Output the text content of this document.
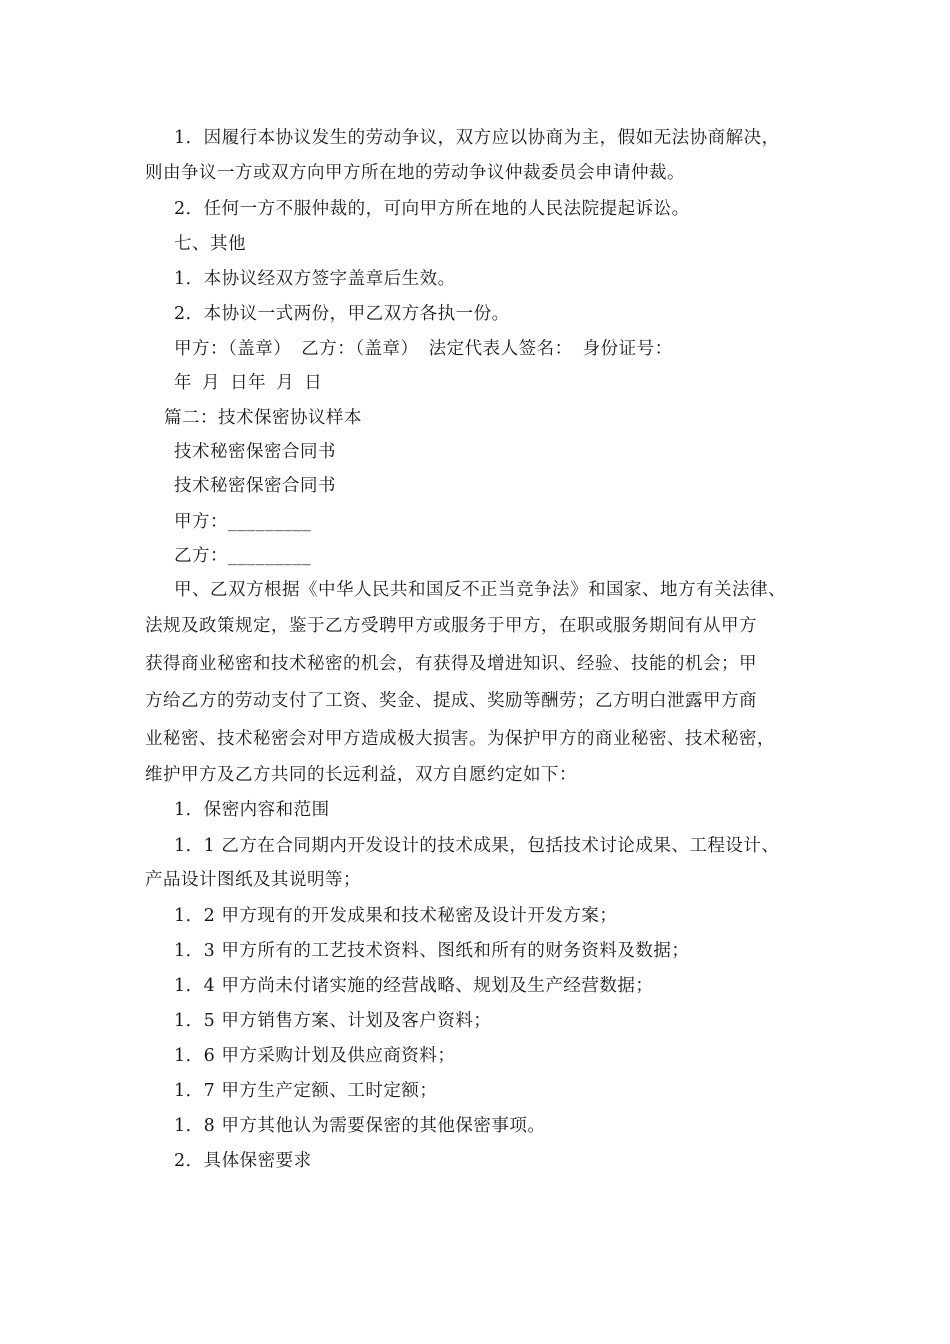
1．因履行本协议发生的劳动争议，双方应以协商为主，假如无法协商解决，
则由争议一方或双方向甲方所在地的劳动争议仲裁委员会申请仲裁。
2．任何一方不服仲裁的，可向甲方所在地的人民法院提起诉讼。
七、其他
1．本协议经双方签字盖章后生效。
2．本协议一式两份，甲乙双方各执一份。
甲方：（盖章） 乙方：（盖章） 法定代表人签名： 身份证号：
年 月 日年 月 日
篇二：技术保密协议样本
技术秘密保密合同书
技术秘密保密合同书
甲方：_________
乙方：_________
甲、乙双方根据《中华人民共和国反不正当竞争法》和国家、地方有关法律、
法规及政策规定，鉴于乙方受聘甲方或服务于甲方，在职或服务期间有从甲方
获得商业秘密和技术秘密的机会，有获得及增进知识、经验、技能的机会；甲
方给乙方的劳动支付了工资、奖金、提成、奖励等酬劳；乙方明白泄露甲方商
业秘密、技术秘密会对甲方造成极大损害。为保护甲方的商业秘密、技术秘密，
维护甲方及乙方共同的长远利益，双方自愿约定如下：
1．保密内容和范围
1．1 乙方在合同期内开发设计的技术成果，包括技术讨论成果、工程设计、
产品设计图纸及其说明等；
1．2 甲方现有的开发成果和技术秘密及设计开发方案；
1．3 甲方所有的工艺技术资料、图纸和所有的财务资料及数据；
1．4 甲方尚未付诸实施的经营战略、规划及生产经营数据；
1．5 甲方销售方案、计划及客户资料；
1．6 甲方采购计划及供应商资料；
1．7 甲方生产定额、工时定额；
1．8 甲方其他认为需要保密的其他保密事项。
2．具体保密要求
